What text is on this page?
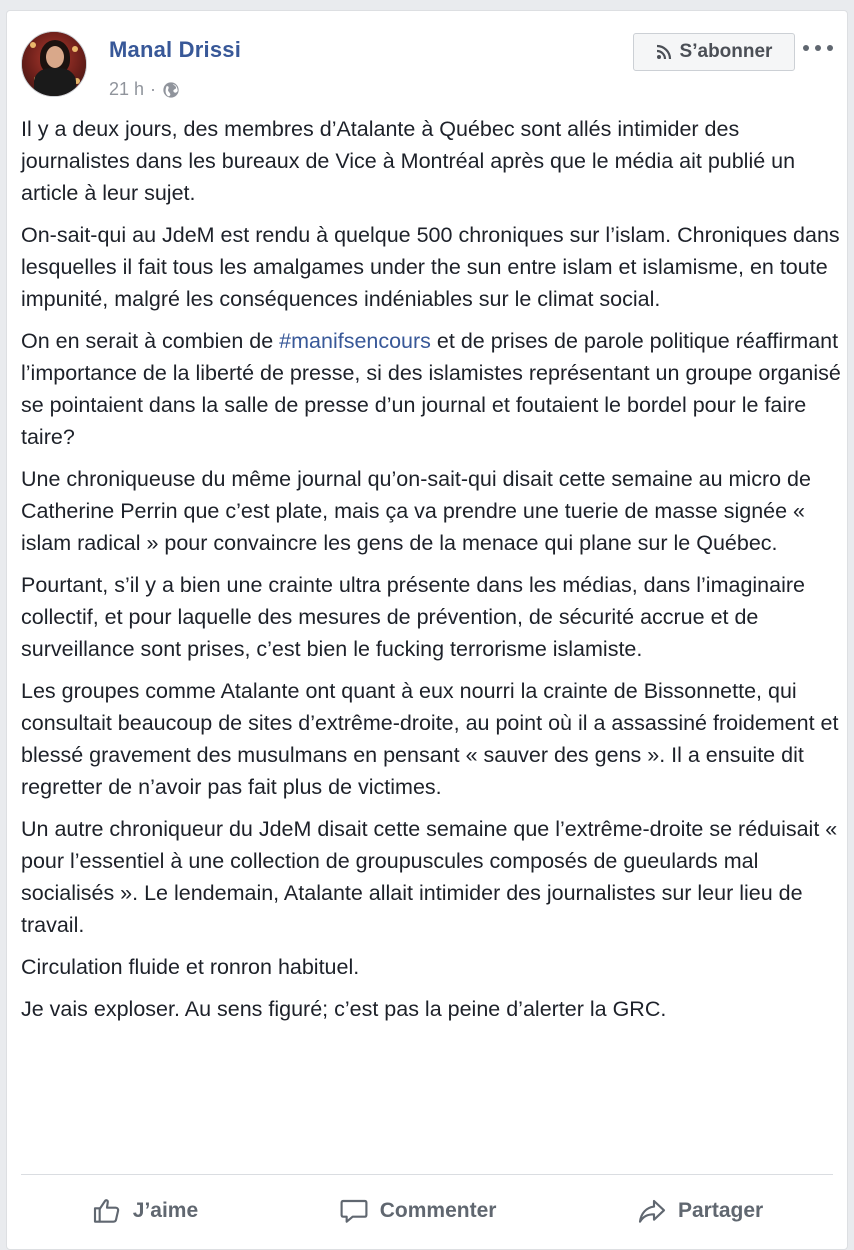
Manal Drissi
21 h ·
S’abonner

Il y a deux jours, des membres d’Atalante à Québec sont allés intimider des journalistes dans les bureaux de Vice à Montréal après que le média ait publié un article à leur sujet.

On-sait-qui au JdeM est rendu à quelque 500 chroniques sur l’islam. Chroniques dans lesquelles il fait tous les amalgames under the sun entre islam et islamisme, en toute impunité, malgré les conséquences indéniables sur le climat social.

On en serait à combien de #manifsencours et de prises de parole politique réaffirmant l’importance de la liberté de presse, si des islamistes représentant un groupe organisé se pointaient dans la salle de presse d’un journal et foutaient le bordel pour le faire taire?

Une chroniqueuse du même journal qu’on-sait-qui disait cette semaine au micro de Catherine Perrin que c’est plate, mais ça va prendre une tuerie de masse signée « islam radical » pour convaincre les gens de la menace qui plane sur le Québec.

Pourtant, s’il y a bien une crainte ultra présente dans les médias, dans l’imaginaire collectif, et pour laquelle des mesures de prévention, de sécurité accrue et de surveillance sont prises, c’est bien le fucking terrorisme islamiste.

Les groupes comme Atalante ont quant à eux nourri la crainte de Bissonnette, qui consultait beaucoup de sites d’extrême-droite, au point où il a assassiné froidement et blessé gravement des musulmans en pensant « sauver des gens ». Il a ensuite dit regretter de n’avoir pas fait plus de victimes.

Un autre chroniqueur du JdeM disait cette semaine que l’extrême-droite se réduisait « pour l’essentiel à une collection de groupuscules composés de gueulards mal socialisés ». Le lendemain, Atalante allait intimider des journalistes sur leur lieu de travail.

Circulation fluide et ronron habituel.

Je vais exploser. Au sens figuré; c’est pas la peine d’alerter la GRC.

J’aime	Commenter	Partager
